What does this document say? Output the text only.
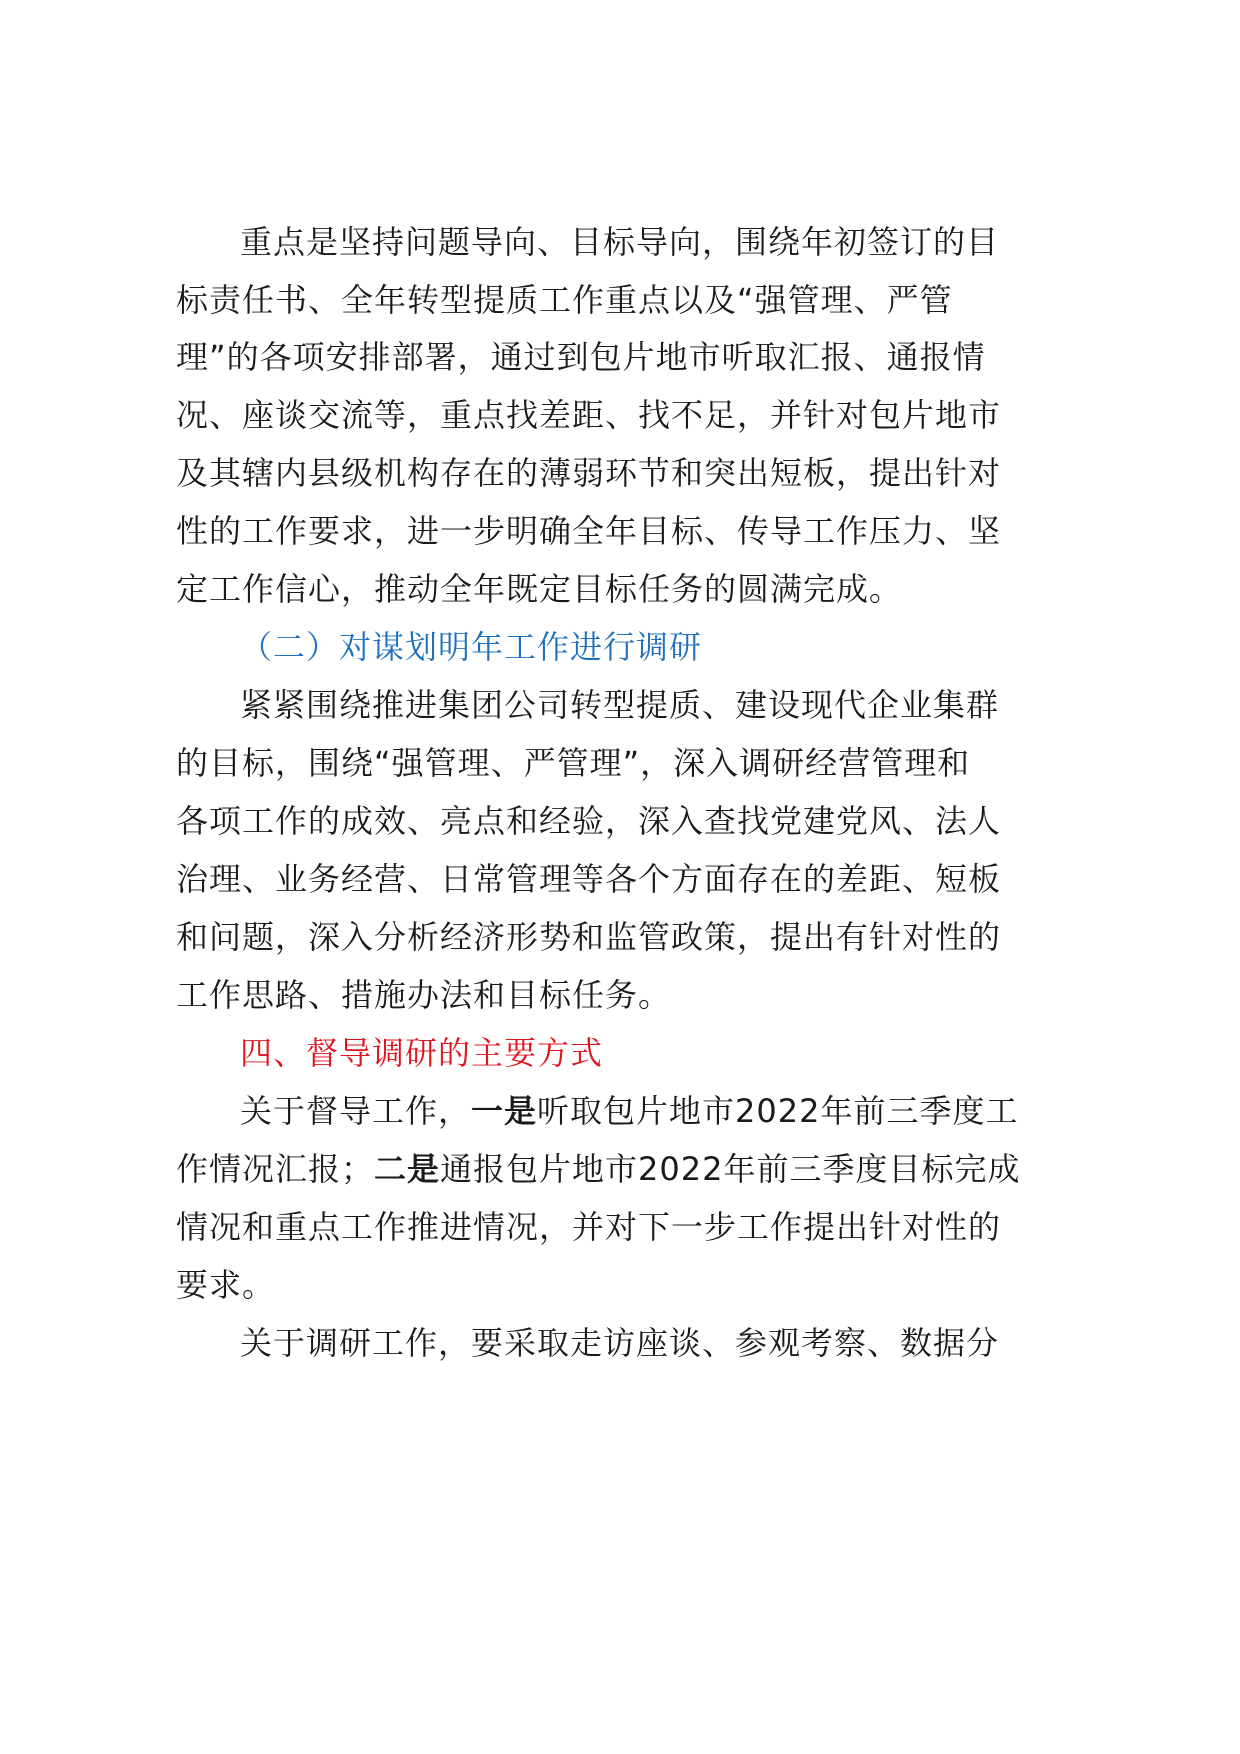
重点是坚持问题导向、目标导向，围绕年初签订的目
标责任书、全年转型提质工作重点以及“强管理、严管
理”的各项安排部署，通过到包片地市听取汇报、通报情
况、座谈交流等，重点找差距、找不足，并针对包片地市
及其辖内县级机构存在的薄弱环节和突出短板，提出针对
性的工作要求，进一步明确全年目标、传导工作压力、坚
定工作信心，推动全年既定目标任务的圆满完成。
（二）对谋划明年工作进行调研
紧紧围绕推进集团公司转型提质、建设现代企业集群
的目标，围绕“强管理、严管理”，深入调研经营管理和
各项工作的成效、亮点和经验，深入查找党建党风、法人
治理、业务经营、日常管理等各个方面存在的差距、短板
和问题，深入分析经济形势和监管政策，提出有针对性的
工作思路、措施办法和目标任务。
四、督导调研的主要方式
关于督导工作，一是听取包片地市2022年前三季度工
作情况汇报；二是通报包片地市2022年前三季度目标完成
情况和重点工作推进情况，并对下一步工作提出针对性的
要求。
关于调研工作，要采取走访座谈、参观考察、数据分
